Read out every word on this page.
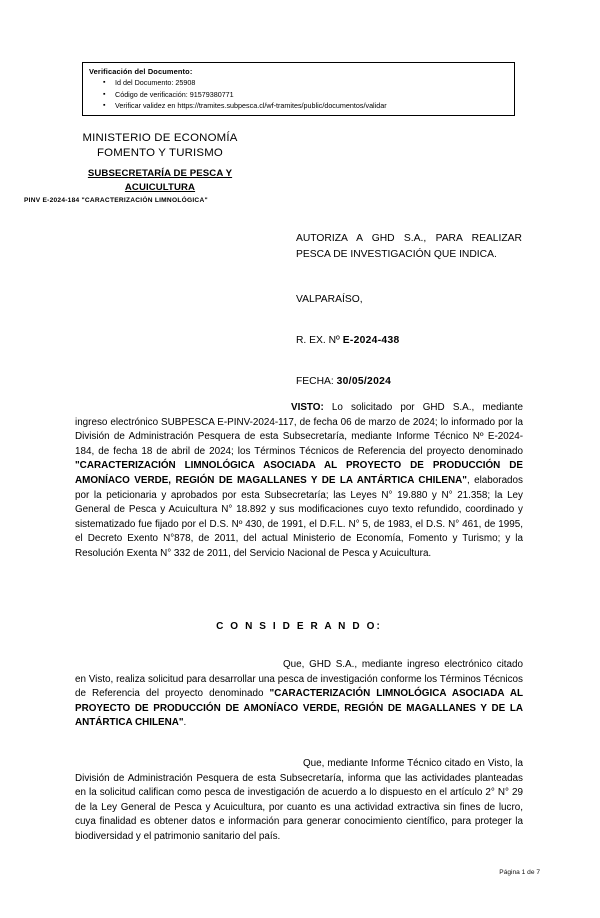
Verificación del Documento:
▪ Id del Documento: 25908
▪ Código de verificación: 91579380771
▪ Verificar validez en https://tramites.subpesca.cl/wf-tramites/public/documentos/validar
MINISTERIO DE ECONOMÍA
FOMENTO Y TURISMO
SUBSECRETARÍA DE PESCA Y
ACUICULTURA
PINV E-2024-184 "CARACTERIZACIÓN LIMNOLÓGICA"
AUTORIZA A GHD S.A., PARA REALIZAR PESCA DE INVESTIGACIÓN QUE INDICA.
VALPARAÍSO,
R. EX. Nº E-2024-438
FECHA: 30/05/2024
VISTO: Lo solicitado por GHD S.A., mediante ingreso electrónico SUBPESCA E-PINV-2024-117, de fecha 06 de marzo de 2024; lo informado por la División de Administración Pesquera de esta Subsecretaría, mediante Informe Técnico Nº E-2024-184, de fecha 18 de abril de 2024; los Términos Técnicos de Referencia del proyecto denominado "CARACTERIZACIÓN LIMNOLÓGICA ASOCIADA AL PROYECTO DE PRODUCCIÓN DE AMONÍACO VERDE, REGIÓN DE MAGALLANES Y DE LA ANTÁRTICA CHILENA", elaborados por la peticionaria y aprobados por esta Subsecretaría; las Leyes N° 19.880 y N° 21.358; la Ley General de Pesca y Acuicultura N° 18.892 y sus modificaciones cuyo texto refundido, coordinado y sistematizado fue fijado por el D.S. Nº 430, de 1991, el D.F.L. N° 5, de 1983, el D.S. N° 461, de 1995, el Decreto Exento N°878, de 2011, del actual Ministerio de Economía, Fomento y Turismo; y la Resolución Exenta N° 332 de 2011, del Servicio Nacional de Pesca y Acuicultura.
C O N S I D E R A N D O:
Que, GHD S.A., mediante ingreso electrónico citado en Visto, realiza solicitud para desarrollar una pesca de investigación conforme los Términos Técnicos de Referencia del proyecto denominado "CARACTERIZACIÓN LIMNOLÓGICA ASOCIADA AL PROYECTO DE PRODUCCIÓN DE AMONÍACO VERDE, REGIÓN DE MAGALLANES Y DE LA ANTÁRTICA CHILENA".
Que, mediante Informe Técnico citado en Visto, la División de Administración Pesquera de esta Subsecretaría, informa que las actividades planteadas en la solicitud califican como pesca de investigación de acuerdo a lo dispuesto en el artículo 2° N° 29 de la Ley General de Pesca y Acuicultura, por cuanto es una actividad extractiva sin fines de lucro, cuya finalidad es obtener datos e información para generar conocimiento científico, para proteger la biodiversidad y el patrimonio sanitario del país.
Página 1 de 7
